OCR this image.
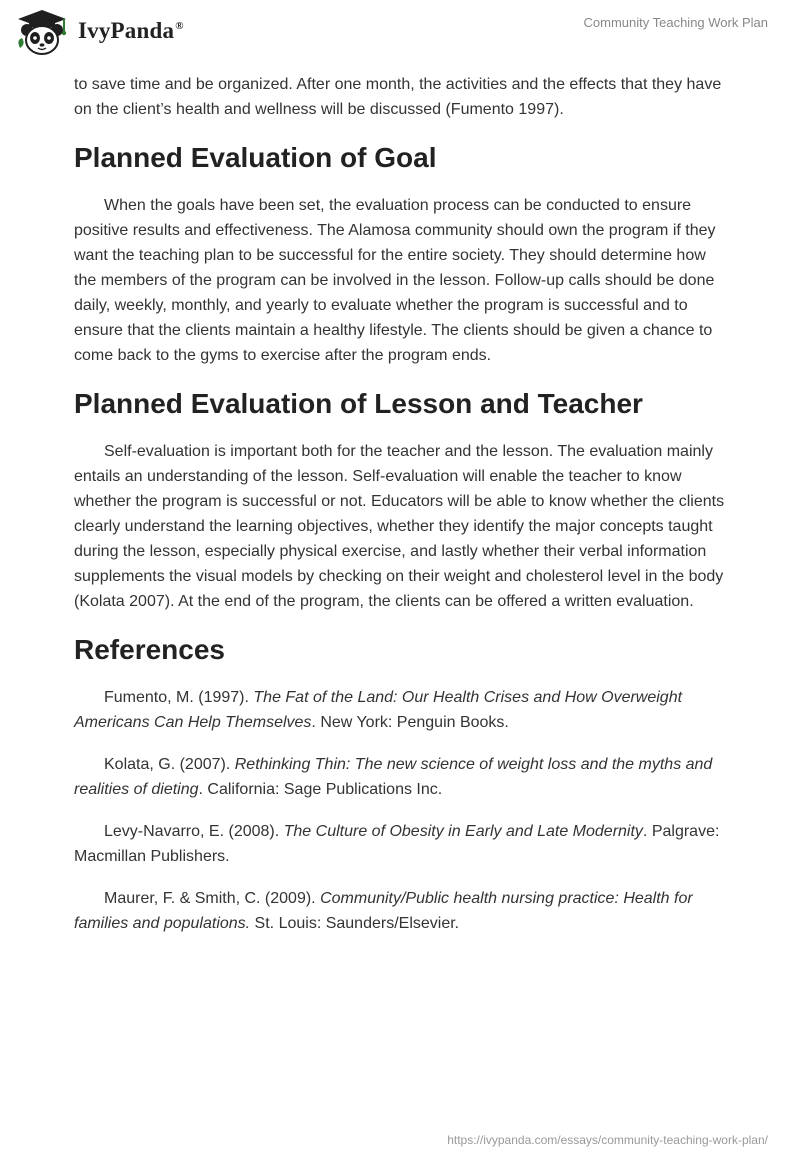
IvyPanda®	Community Teaching Work Plan

to save time and be organized. After one month, the activities and the effects that they have on the client’s health and wellness will be discussed (Fumento 1997).

Planned Evaluation of Goal

When the goals have been set, the evaluation process can be conducted to ensure positive results and effectiveness. The Alamosa community should own the program if they want the teaching plan to be successful for the entire society. They should determine how the members of the program can be involved in the lesson. Follow-up calls should be done daily, weekly, monthly, and yearly to evaluate whether the program is successful and to ensure that the clients maintain a healthy lifestyle. The clients should be given a chance to come back to the gyms to exercise after the program ends.

Planned Evaluation of Lesson and Teacher

Self-evaluation is important both for the teacher and the lesson. The evaluation mainly entails an understanding of the lesson. Self-evaluation will enable the teacher to know whether the program is successful or not. Educators will be able to know whether the clients clearly understand the learning objectives, whether they identify the major concepts taught during the lesson, especially physical exercise, and lastly whether their verbal information supplements the visual models by checking on their weight and cholesterol level in the body (Kolata 2007). At the end of the program, the clients can be offered a written evaluation.

References

Fumento, M. (1997). The Fat of the Land: Our Health Crises and How Overweight Americans Can Help Themselves. New York: Penguin Books.

Kolata, G. (2007). Rethinking Thin: The new science of weight loss and the myths and realities of dieting. California: Sage Publications Inc.

Levy-Navarro, E. (2008). The Culture of Obesity in Early and Late Modernity. Palgrave: Macmillan Publishers.

Maurer, F. & Smith, C. (2009). Community/Public health nursing practice: Health for families and populations. St. Louis: Saunders/Elsevier.

https://ivypanda.com/essays/community-teaching-work-plan/
